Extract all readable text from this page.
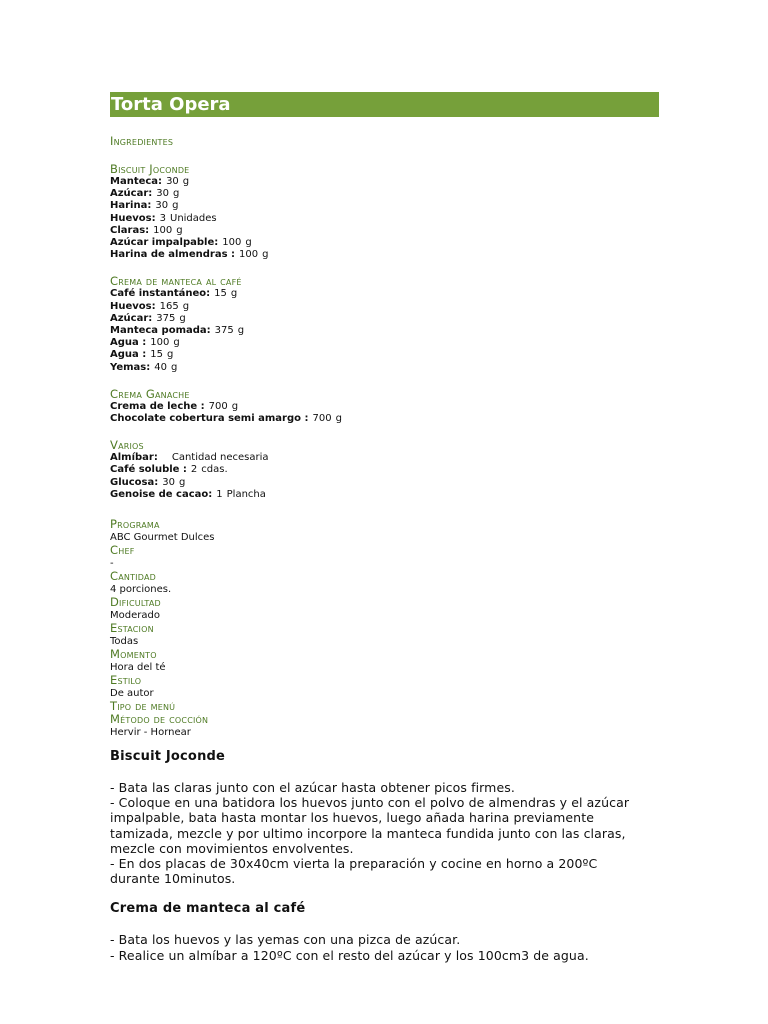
Torta Opera
Ingredientes
Biscuit Joconde
Manteca: 30 g
Azúcar: 30 g
Harina: 30 g
Huevos: 3 Unidades
Claras: 100 g
Azúcar impalpable: 100 g
Harina de almendras : 100 g
Crema de manteca al café
Café instantáneo: 15 g
Huevos: 165 g
Azúcar: 375 g
Manteca pomada: 375 g
Agua : 100 g
Agua : 15 g
Yemas: 40 g
Crema Ganache
Crema de leche : 700 g
Chocolate cobertura semi amargo : 700 g
Varios
Almíbar: Cantidad necesaria
Café soluble : 2 cdas.
Glucosa: 30 g
Genoise de cacao: 1 Plancha
Programa
ABC Gourmet Dulces
Chef
-
Cantidad
4 porciones.
Dificultad
Moderado
Estacion
Todas
Momento
Hora del té
Estilo
De autor
Tipo de menú
Método de cocción
Hervir - Hornear
Biscuit Joconde
- Bata las claras junto con el azúcar hasta obtener picos firmes.
- Coloque en una batidora los huevos junto con el polvo de almendras y el azúcar
impalpable, bata hasta montar los huevos, luego añada harina previamente
tamizada, mezcle y por ultimo incorpore la manteca fundida junto con las claras,
mezcle con movimientos envolventes.
- En dos placas de 30x40cm vierta la preparación y cocine en horno a 200ºC
durante 10minutos.
Crema de manteca al café
- Bata los huevos y las yemas con una pizca de azúcar.
- Realice un almíbar a 120ºC con el resto del azúcar y los 100cm3 de agua.
